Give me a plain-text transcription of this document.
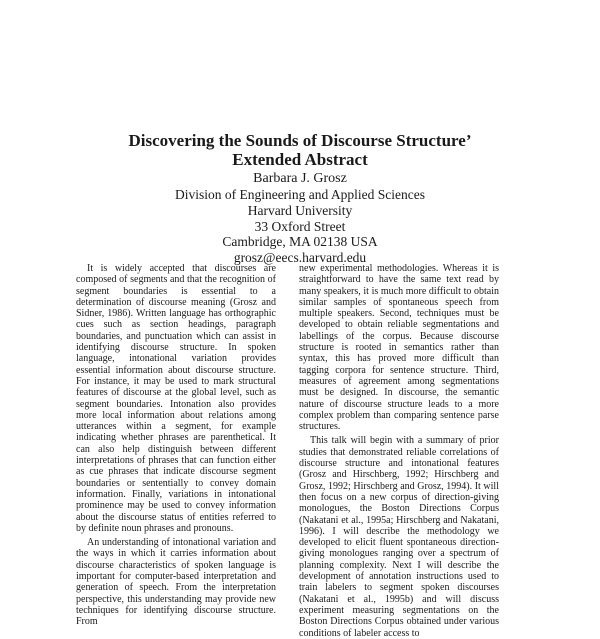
Discovering the Sounds of Discourse Structure’
Extended Abstract
Barbara J. Grosz
Division of Engineering and Applied Sciences
Harvard University
33 Oxford Street
Cambridge, MA 02138 USA
grosz@eecs.harvard.edu

It is widely accepted that discourses are composed of segments and that the recognition of segment boundaries is essential to a determination of discourse meaning (Grosz and Sidner, 1986). Written language has orthographic cues such as section headings, paragraph boundaries, and punctuation which can assist in identifying discourse structure. In spoken language, intonational variation provides essential information about discourse structure. For instance, it may be used to mark structural features of discourse at the global level, such as segment boundaries. Intonation also provides more local information about relations among utterances within a segment, for example indicating whether phrases are parenthetical. It can also help distinguish between different interpretations of phrases that can function either as cue phrases that indicate discourse segment boundaries or sententially to convey domain information. Finally, variations in intonational prominence may be used to convey information about the discourse status of entities referred to by definite noun phrases and pronouns.

An understanding of intonational variation and the ways in which it carries information about discourse characteristics of spoken language is important for computer-based interpretation and generation of speech. From the interpretation perspective, this understanding may provide new techniques for identifying discourse structure. From

new experimental methodologies. Whereas it is straightforward to have the same text read by many speakers, it is much more difficult to obtain similar samples of spontaneous speech from multiple speakers. Second, techniques must be developed to obtain reliable segmentations and labellings of the corpus. Because discourse structure is rooted in semantics rather than syntax, this has proved more difficult than tagging corpora for sentence structure. Third, measures of agreement among segmentations must be designed. In discourse, the semantic nature of discourse structure leads to a more complex problem than comparing sentence parse structures.

This talk will begin with a summary of prior studies that demonstrated reliable correlations of discourse structure and intonational features (Grosz and Hirschberg, 1992; Hirschberg and Grosz, 1992; Hirschberg and Grosz, 1994). It will then focus on a new corpus of direction-giving monologues, the Boston Directions Corpus (Nakatani et al., 1995a; Hirschberg and Nakatani, 1996). I will describe the methodology we developed to elicit fluent spontaneous direction-giving monologues ranging over a spectrum of planning complexity. Next I will describe the development of annotation instructions used to train labelers to segment spoken discourses (Nakatani et al., 1995b) and will discuss experiment measuring segmentations on the Boston Directions Corpus obtained under various conditions of labeler access to
